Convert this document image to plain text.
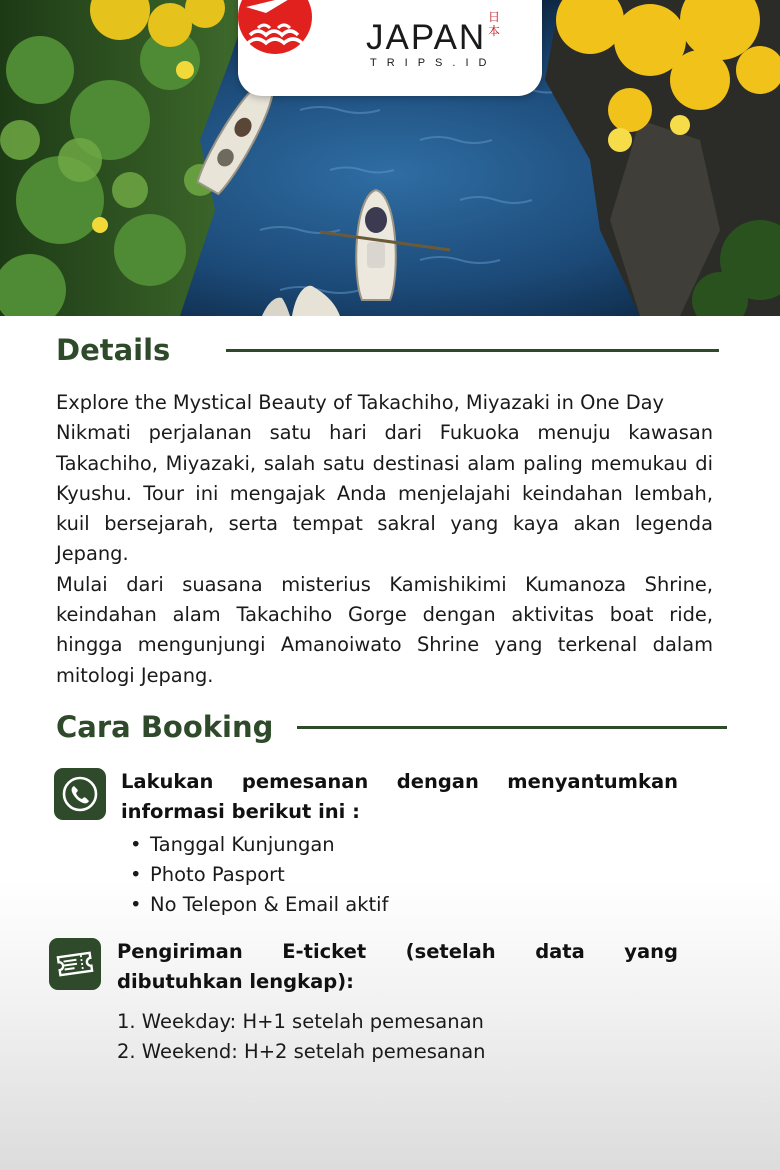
JAPAN
TRIPS.ID
日本
Details

Explore the Mystical Beauty of Takachiho, Miyazaki in One Day

Nikmati perjalanan satu hari dari Fukuoka menuju kawasan Takachiho, Miyazaki, salah satu destinasi alam paling memukau di Kyushu. Tour ini mengajak Anda menjelajahi keindahan lembah, kuil bersejarah, serta tempat sakral yang kaya akan legenda Jepang.

Mulai dari suasana misterius Kamishikimi Kumanoza Shrine, keindahan alam Takachiho Gorge dengan aktivitas boat ride, hingga mengunjungi Amanoiwato Shrine yang terkenal dalam mitologi Jepang.

Cara Booking
Lakukan pemesanan dengan menyantumkan informasi berikut ini :
• Tanggal Kunjungan
• Photo Pasport
• No Telepon & Email aktif
Pengiriman E-ticket (setelah data yang dibutuhkan lengkap):
1. Weekday: H+1 setelah pemesanan
2. Weekend: H+2 setelah pemesanan
